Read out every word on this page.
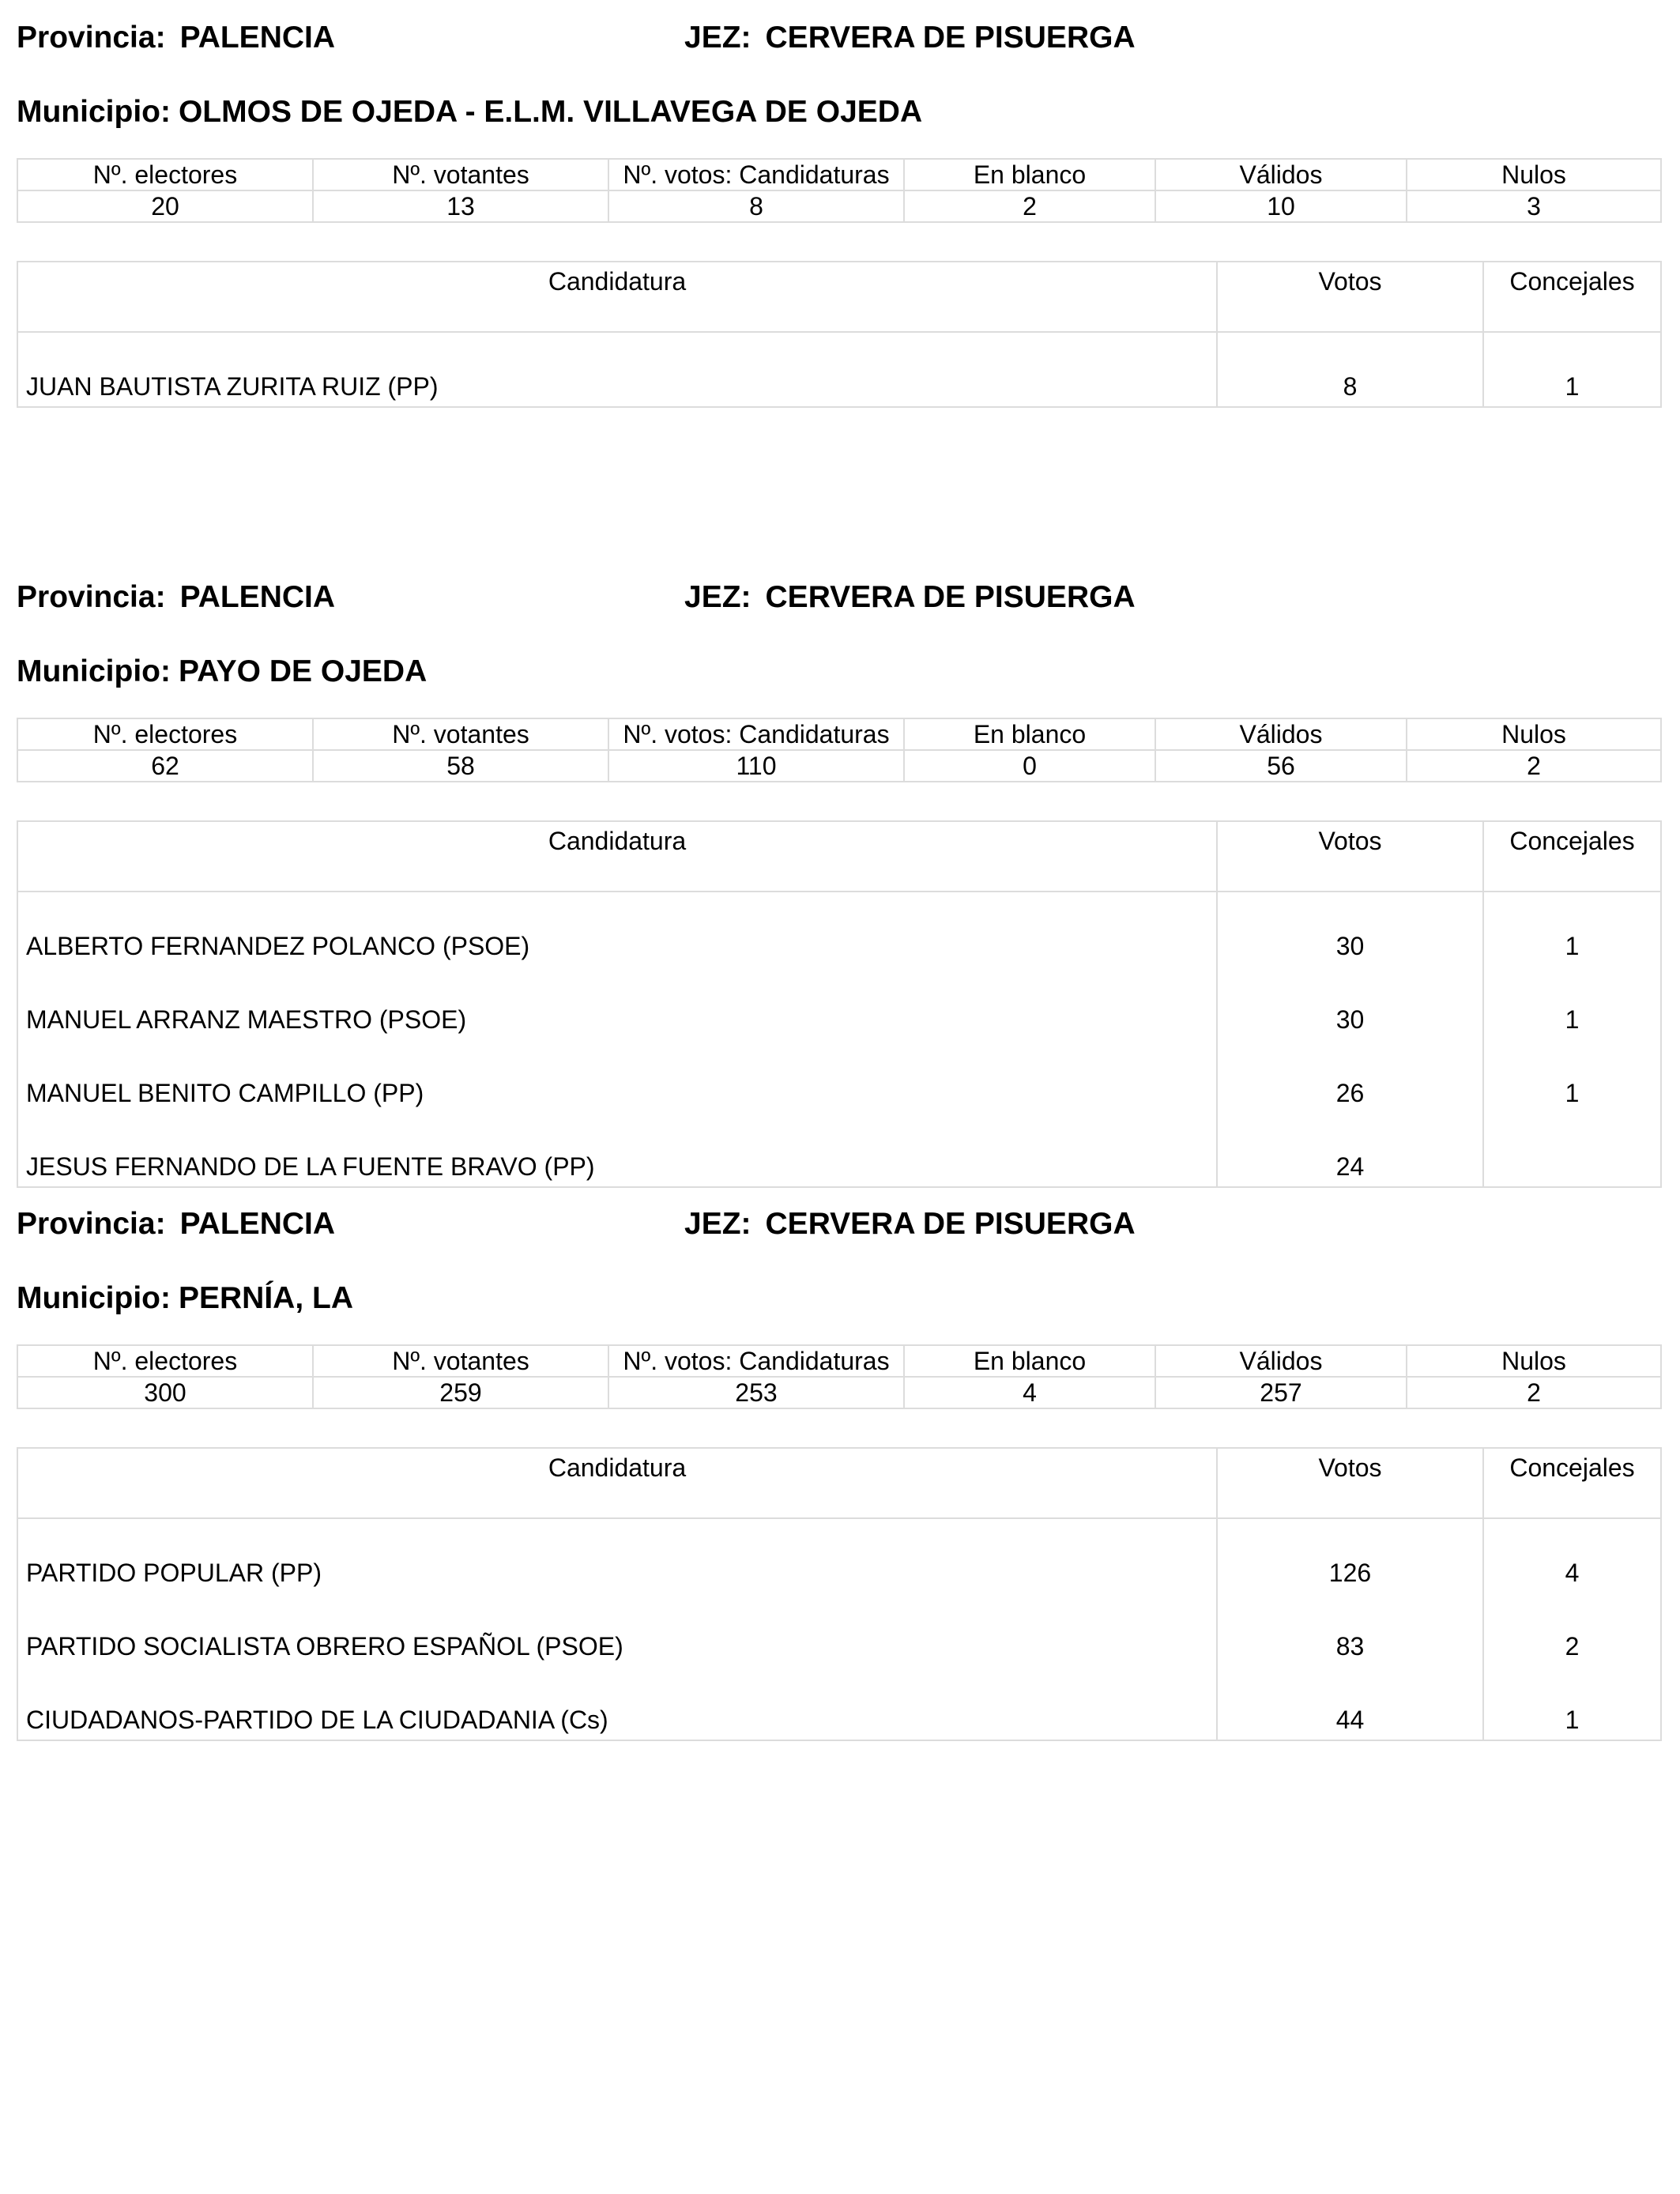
Provincia: PALENCIA	JEZ: CERVERA DE PISUERGA
Municipio: OLMOS DE OJEDA - E.L.M. VILLAVEGA DE OJEDA
Nº. electores	Nº. votantes	Nº. votos: Candidaturas	En blanco	Válidos	Nulos
20	13	8	2	10	3
Candidatura	Votos	Concejales
JUAN BAUTISTA ZURITA RUIZ (PP)	8	1
Provincia: PALENCIA	JEZ: CERVERA DE PISUERGA
Municipio: PAYO DE OJEDA
Nº. electores	Nº. votantes	Nº. votos: Candidaturas	En blanco	Válidos	Nulos
62	58	110	0	56	2
Candidatura	Votos	Concejales
ALBERTO FERNANDEZ POLANCO (PSOE)	30	1
MANUEL ARRANZ MAESTRO (PSOE)	30	1
MANUEL BENITO CAMPILLO (PP)	26	1
JESUS FERNANDO DE LA FUENTE BRAVO (PP)	24	
Provincia: PALENCIA	JEZ: CERVERA DE PISUERGA
Municipio: PERNÍA, LA
Nº. electores	Nº. votantes	Nº. votos: Candidaturas	En blanco	Válidos	Nulos
300	259	253	4	257	2
Candidatura	Votos	Concejales
PARTIDO POPULAR (PP)	126	4
PARTIDO SOCIALISTA OBRERO ESPAÑOL (PSOE)	83	2
CIUDADANOS-PARTIDO DE LA CIUDADANIA (Cs)	44	1
